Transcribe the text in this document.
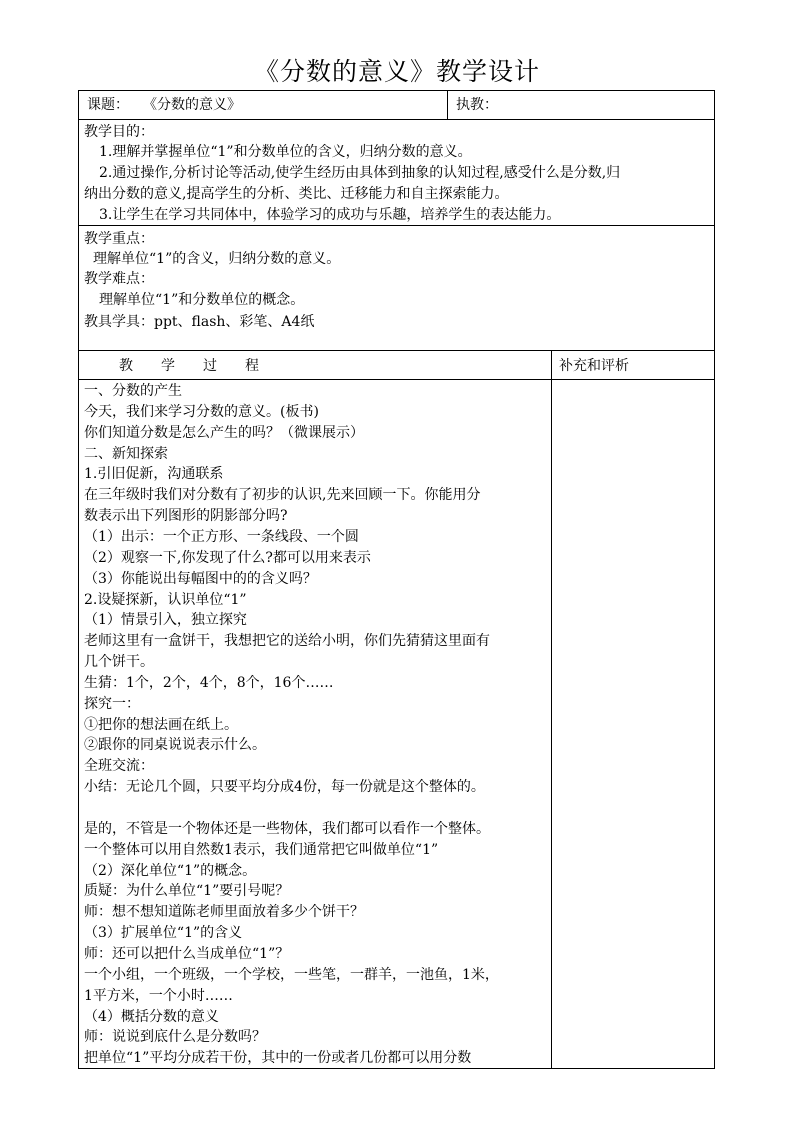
《分数的意义》教学设计
课题： 《分数的意义》	执教：
教学目的：
1.理解并掌握单位“1”和分数单位的含义，归纳分数的意义。
2.通过操作,分析讨论等活动,使学生经历由具体到抽象的认知过程,感受什么是分数,归
纳出分数的意义,提高学生的分析、类比、迁移能力和自主探索能力。
3.让学生在学习共同体中，体验学习的成功与乐趣，培养学生的表达能力。
教学重点：
理解单位“1”的含义，归纳分数的意义。
教学难点：
理解单位“1”和分数单位的概念。
教具学具：ppt、flash、彩笔、A4纸
教　　学　　过　　程	补充和评析
一、分数的产生
今天，我们来学习分数的意义。(板书)
你们知道分数是怎么产生的吗？（微课展示）
二、新知探索
1.引旧促新，沟通联系
在三年级时我们对分数有了初步的认识,先来回顾一下。你能用分
数表示出下列图形的阴影部分吗?
（1）出示：一个正方形、一条线段、一个圆
（2）观察一下,你发现了什么?都可以用来表示
（3）你能说出每幅图中的的含义吗？
2.设疑探新，认识单位“1”
（1）情景引入，独立探究
老师这里有一盒饼干，我想把它的送给小明，你们先猜猜这里面有
几个饼干。
生猜：1个，2个，4个，8个，16个……
探究一：
①把你的想法画在纸上。
②跟你的同桌说说表示什么。
全班交流：
小结：无论几个圆，只要平均分成4份，每一份就是这个整体的。
是的，不管是一个物体还是一些物体，我们都可以看作一个整体。
一个整体可以用自然数1表示，我们通常把它叫做单位“1”
（2）深化单位“1”的概念。
质疑：为什么单位“1”要引号呢？
师：想不想知道陈老师里面放着多少个饼干？
（3）扩展单位“1”的含义
师：还可以把什么当成单位“1”？
一个小组，一个班级，一个学校，一些笔，一群羊，一池鱼，1米，
1平方米，一个小时……
（4）概括分数的意义
师：说说到底什么是分数吗？
把单位“1”平均分成若干份，其中的一份或者几份都可以用分数
